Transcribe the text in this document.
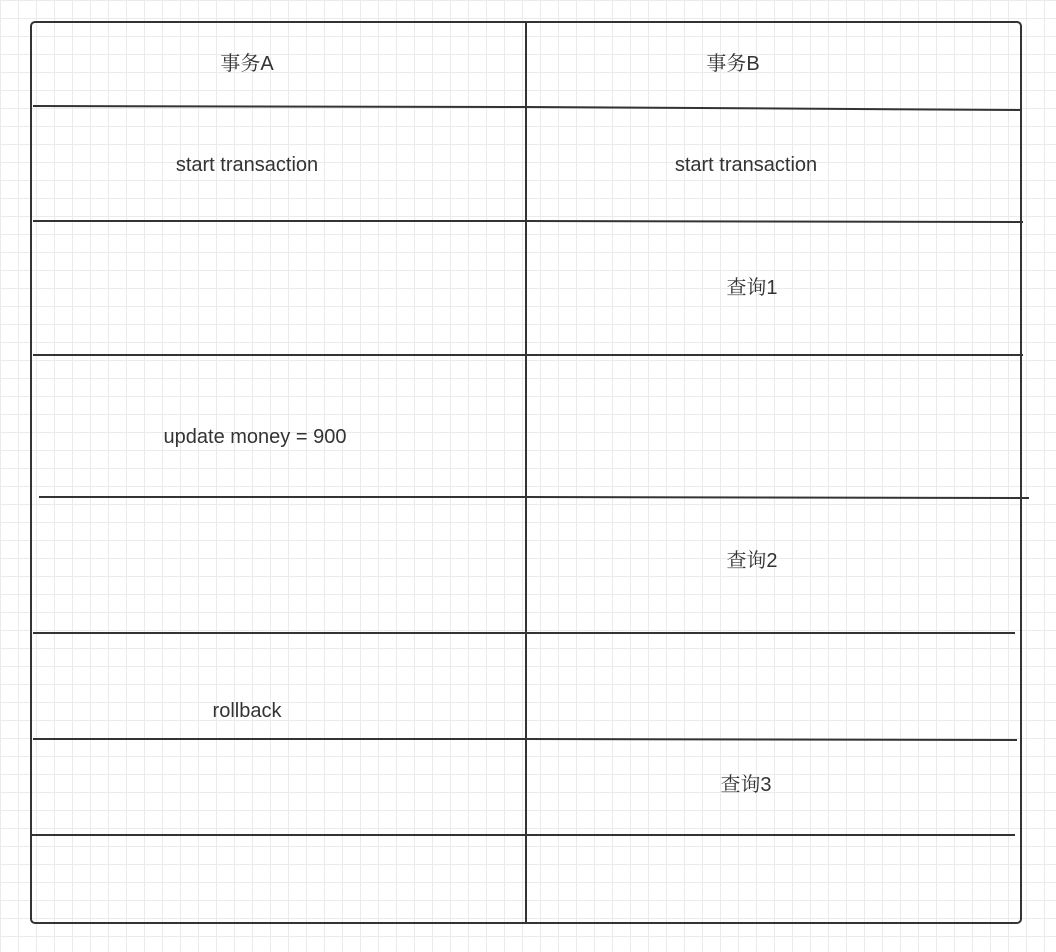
事务A	事务B
start transaction	start transaction
查询1
update money = 900
查询2
rollback
查询3
